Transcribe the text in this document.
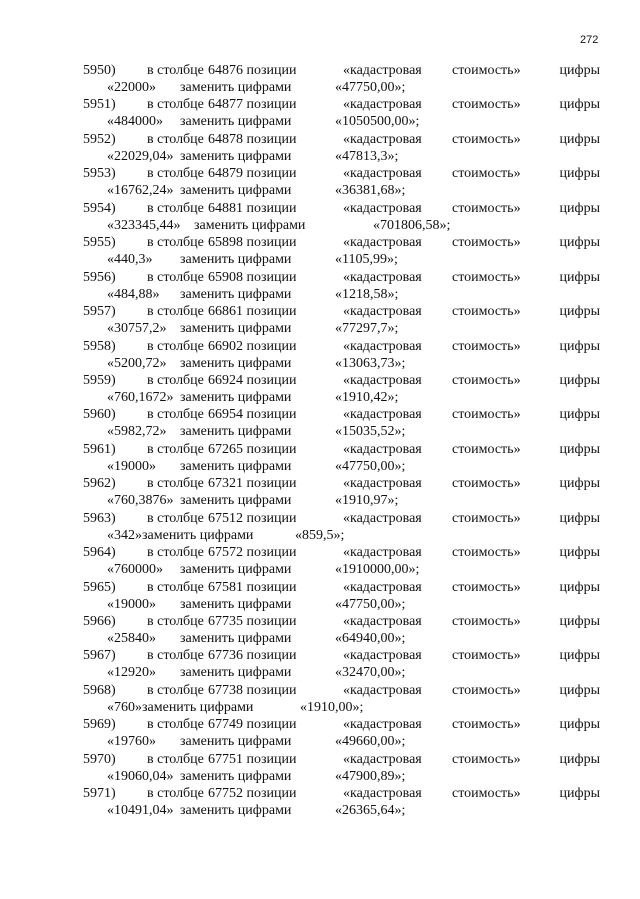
272
5950) в столбце 64876 позиции	«кадастровая стоимость»	цифры
«22000» заменить цифрами	«47750,00»;
5951) в столбце 64877 позиции	«кадастровая стоимость»	цифры
«484000» заменить цифрами	«1050500,00»;
5952) в столбце 64878 позиции	«кадастровая стоимость»	цифры
«22029,04» заменить цифрами	«47813,3»;
5953) в столбце 64879 позиции	«кадастровая стоимость»	цифры
«16762,24» заменить цифрами	«36381,68»;
5954) в столбце 64881 позиции	«кадастровая стоимость»	цифры
«323345,44» заменить цифрами	«701806,58»;
5955) в столбце 65898 позиции	«кадастровая стоимость»	цифры
«440,3» заменить цифрами	«1105,99»;
5956) в столбце 65908 позиции	«кадастровая стоимость»	цифры
«484,88» заменить цифрами	«1218,58»;
5957) в столбце 66861 позиции	«кадастровая стоимость»	цифры
«30757,2» заменить цифрами	«77297,7»;
5958) в столбце 66902 позиции	«кадастровая стоимость»	цифры
«5200,72» заменить цифрами	«13063,73»;
5959) в столбце 66924 позиции	«кадастровая стоимость»	цифры
«760,1672» заменить цифрами	«1910,42»;
5960) в столбце 66954 позиции	«кадастровая стоимость»	цифры
«5982,72» заменить цифрами	«15035,52»;
5961) в столбце 67265 позиции	«кадастровая стоимость»	цифры
«19000» заменить цифрами	«47750,00»;
5962) в столбце 67321 позиции	«кадастровая стоимость»	цифры
«760,3876» заменить цифрами	«1910,97»;
5963) в столбце 67512 позиции	«кадастровая стоимость»	цифры
«342»заменить цифрами	«859,5»;
5964) в столбце 67572 позиции	«кадастровая стоимость»	цифры
«760000» заменить цифрами	«1910000,00»;
5965) в столбце 67581 позиции	«кадастровая стоимость»	цифры
«19000» заменить цифрами	«47750,00»;
5966) в столбце 67735 позиции	«кадастровая стоимость»	цифры
«25840» заменить цифрами	«64940,00»;
5967) в столбце 67736 позиции	«кадастровая стоимость»	цифры
«12920» заменить цифрами	«32470,00»;
5968) в столбце 67738 позиции	«кадастровая стоимость»	цифры
«760»заменить цифрами	«1910,00»;
5969) в столбце 67749 позиции	«кадастровая стоимость»	цифры
«19760» заменить цифрами	«49660,00»;
5970) в столбце 67751 позиции	«кадастровая стоимость»	цифры
«19060,04» заменить цифрами	«47900,89»;
5971) в столбце 67752 позиции	«кадастровая стоимость»	цифры
«10491,04» заменить цифрами	«26365,64»;
